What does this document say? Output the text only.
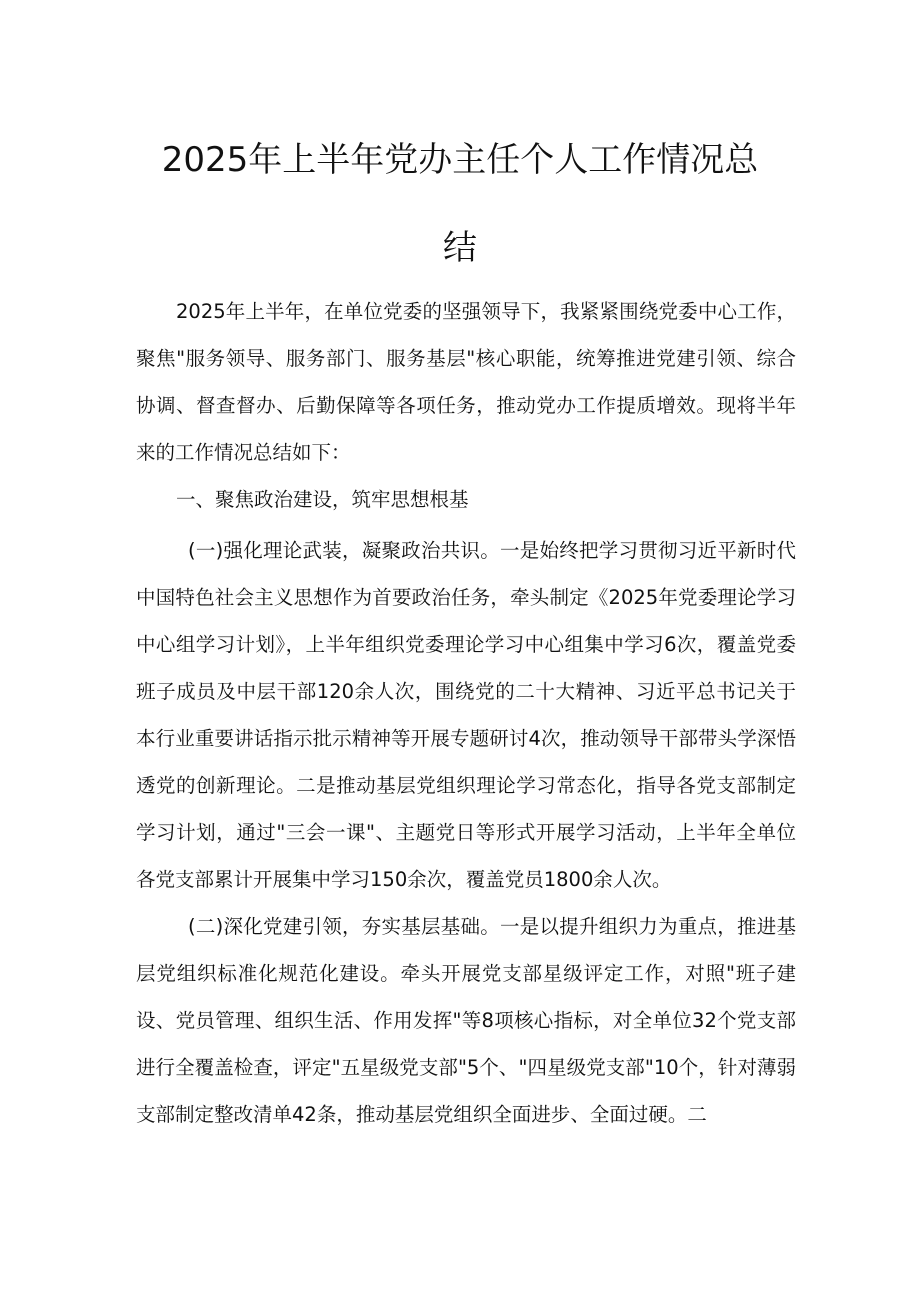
2025年上半年党办主任个人工作情况总
结

2025年上半年，在单位党委的坚强领导下，我紧紧围绕党委中心工作，聚焦"服务领导、服务部门、服务基层"核心职能，统筹推进党建引领、综合协调、督查督办、后勤保障等各项任务，推动党办工作提质增效。现将半年来的工作情况总结如下：

一、聚焦政治建设，筑牢思想根基

(一)强化理论武装，凝聚政治共识。一是始终把学习贯彻习近平新时代中国特色社会主义思想作为首要政治任务，牵头制定《2025年党委理论学习中心组学习计划》，上半年组织党委理论学习中心组集中学习6次，覆盖党委班子成员及中层干部120余人次，围绕党的二十大精神、习近平总书记关于本行业重要讲话指示批示精神等开展专题研讨4次，推动领导干部带头学深悟透党的创新理论。二是推动基层党组织理论学习常态化，指导各党支部制定学习计划，通过"三会一课"、主题党日等形式开展学习活动，上半年全单位各党支部累计开展集中学习150余次，覆盖党员1800余人次。

(二)深化党建引领，夯实基层基础。一是以提升组织力为重点，推进基层党组织标准化规范化建设。牵头开展党支部星级评定工作，对照"班子建设、党员管理、组织生活、作用发挥"等8项核心指标，对全单位32个党支部进行全覆盖检查，评定"五星级党支部"5个、"四星级党支部"10个，针对薄弱支部制定整改清单42条，推动基层党组织全面进步、全面过硬。二
